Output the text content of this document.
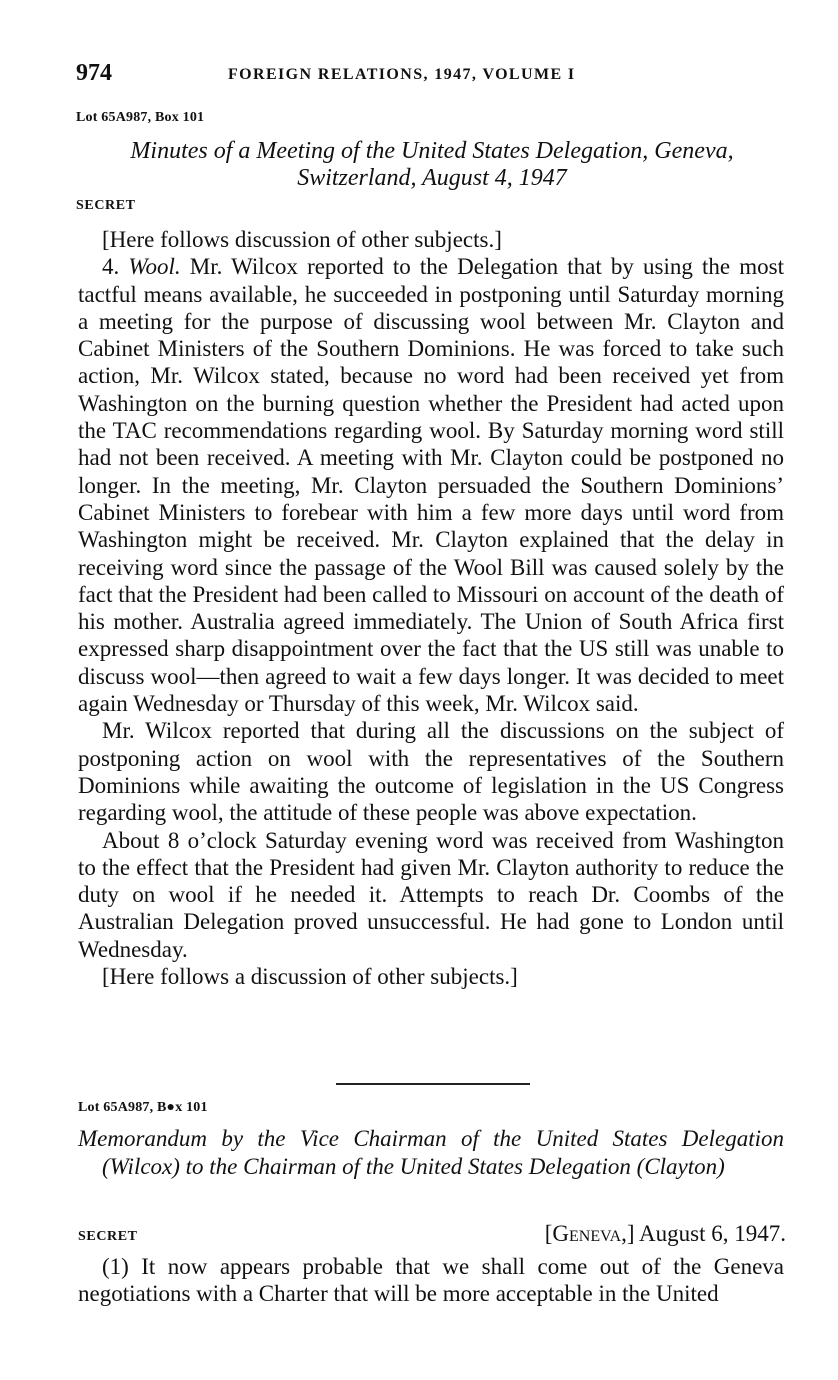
974	FOREIGN RELATIONS, 1947, VOLUME I
Lot 65A987, Box 101
Minutes of a Meeting of the United States Delegation, Geneva,
Switzerland, August 4, 1947
SECRET

[Here follows discussion of other subjects.]

4. Wool. Mr. Wilcox reported to the Delegation that by using the most tactful means available, he succeeded in postponing until Saturday morning a meeting for the purpose of discussing wool between Mr. Clayton and Cabinet Ministers of the Southern Dominions. He was forced to take such action, Mr. Wilcox stated, because no word had been received yet from Washington on the burning question whether the President had acted upon the TAC recommendations regarding wool. By Saturday morning word still had not been received. A meeting with Mr. Clayton could be postponed no longer. In the meeting, Mr. Clayton persuaded the Southern Dominions’ Cabinet Ministers to forebear with him a few more days until word from Washington might be received. Mr. Clayton explained that the delay in receiving word since the passage of the Wool Bill was caused solely by the fact that the President had been called to Missouri on account of the death of his mother. Australia agreed immediately. The Union of South Africa first expressed sharp disappointment over the fact that the US still was unable to discuss wool—then agreed to wait a few days longer. It was decided to meet again Wednesday or Thursday of this week, Mr. Wilcox said.

Mr. Wilcox reported that during all the discussions on the subject of postponing action on wool with the representatives of the Southern Dominions while awaiting the outcome of legislation in the US Congress regarding wool, the attitude of these people was above expectation.

About 8 o’clock Saturday evening word was received from Washington to the effect that the President had given Mr. Clayton authority to reduce the duty on wool if he needed it. Attempts to reach Dr. Coombs of the Australian Delegation proved unsuccessful. He had gone to London until Wednesday.

[Here follows a discussion of other subjects.]

Lot 65A987, B●x 101
Memorandum by the Vice Chairman of the United States Delegation (Wilcox) to the Chairman of the United States Delegation (Clayton)
SECRET	[Geneva,] August 6, 1947.

(1) It now appears probable that we shall come out of the Geneva negotiations with a Charter that will be more acceptable in the United
